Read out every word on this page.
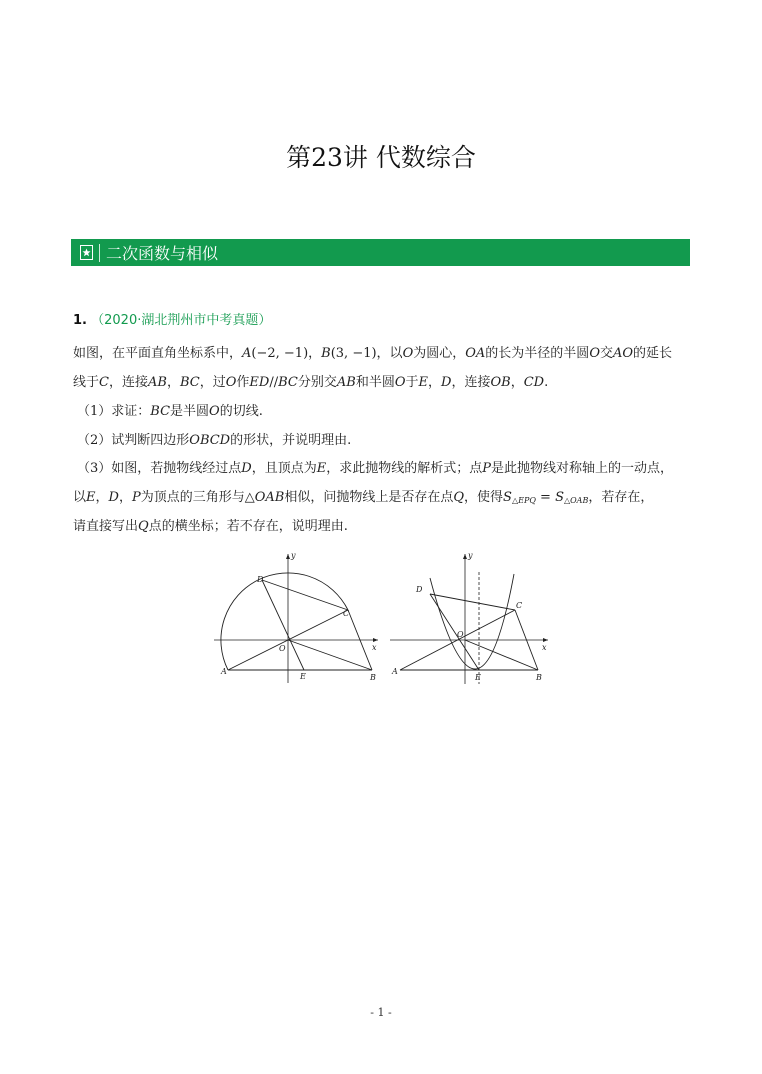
第23讲 代数综合
二次函数与相似
1. （2020·湖北荆州市中考真题）
如图，在平面直角坐标系中，A(−2, −1)，B(3, −1)，以O为圆心，OA的长为半径的半圆O交AO的延长
线于C，连接AB，BC，过O作ED//BC分别交AB和半圆O于E，D，连接OB，CD.
（1）求证：BC是半圆O的切线.
（2）试判断四边形OBCD的形状，并说明理由.
（3）如图，若抛物线经过点D，且顶点为E，求此抛物线的解析式；点P是此抛物线对称轴上的一动点，
以E，D，P为顶点的三角形与△OAB相似，问抛物线上是否存在点Q，使得S△EPQ = S△OAB，若存在，
请直接写出Q点的横坐标；若不存在，说明理由.
y
x
D
C
O
A
E	B
y
x
D
C
O
A
E	B
- 1 -
